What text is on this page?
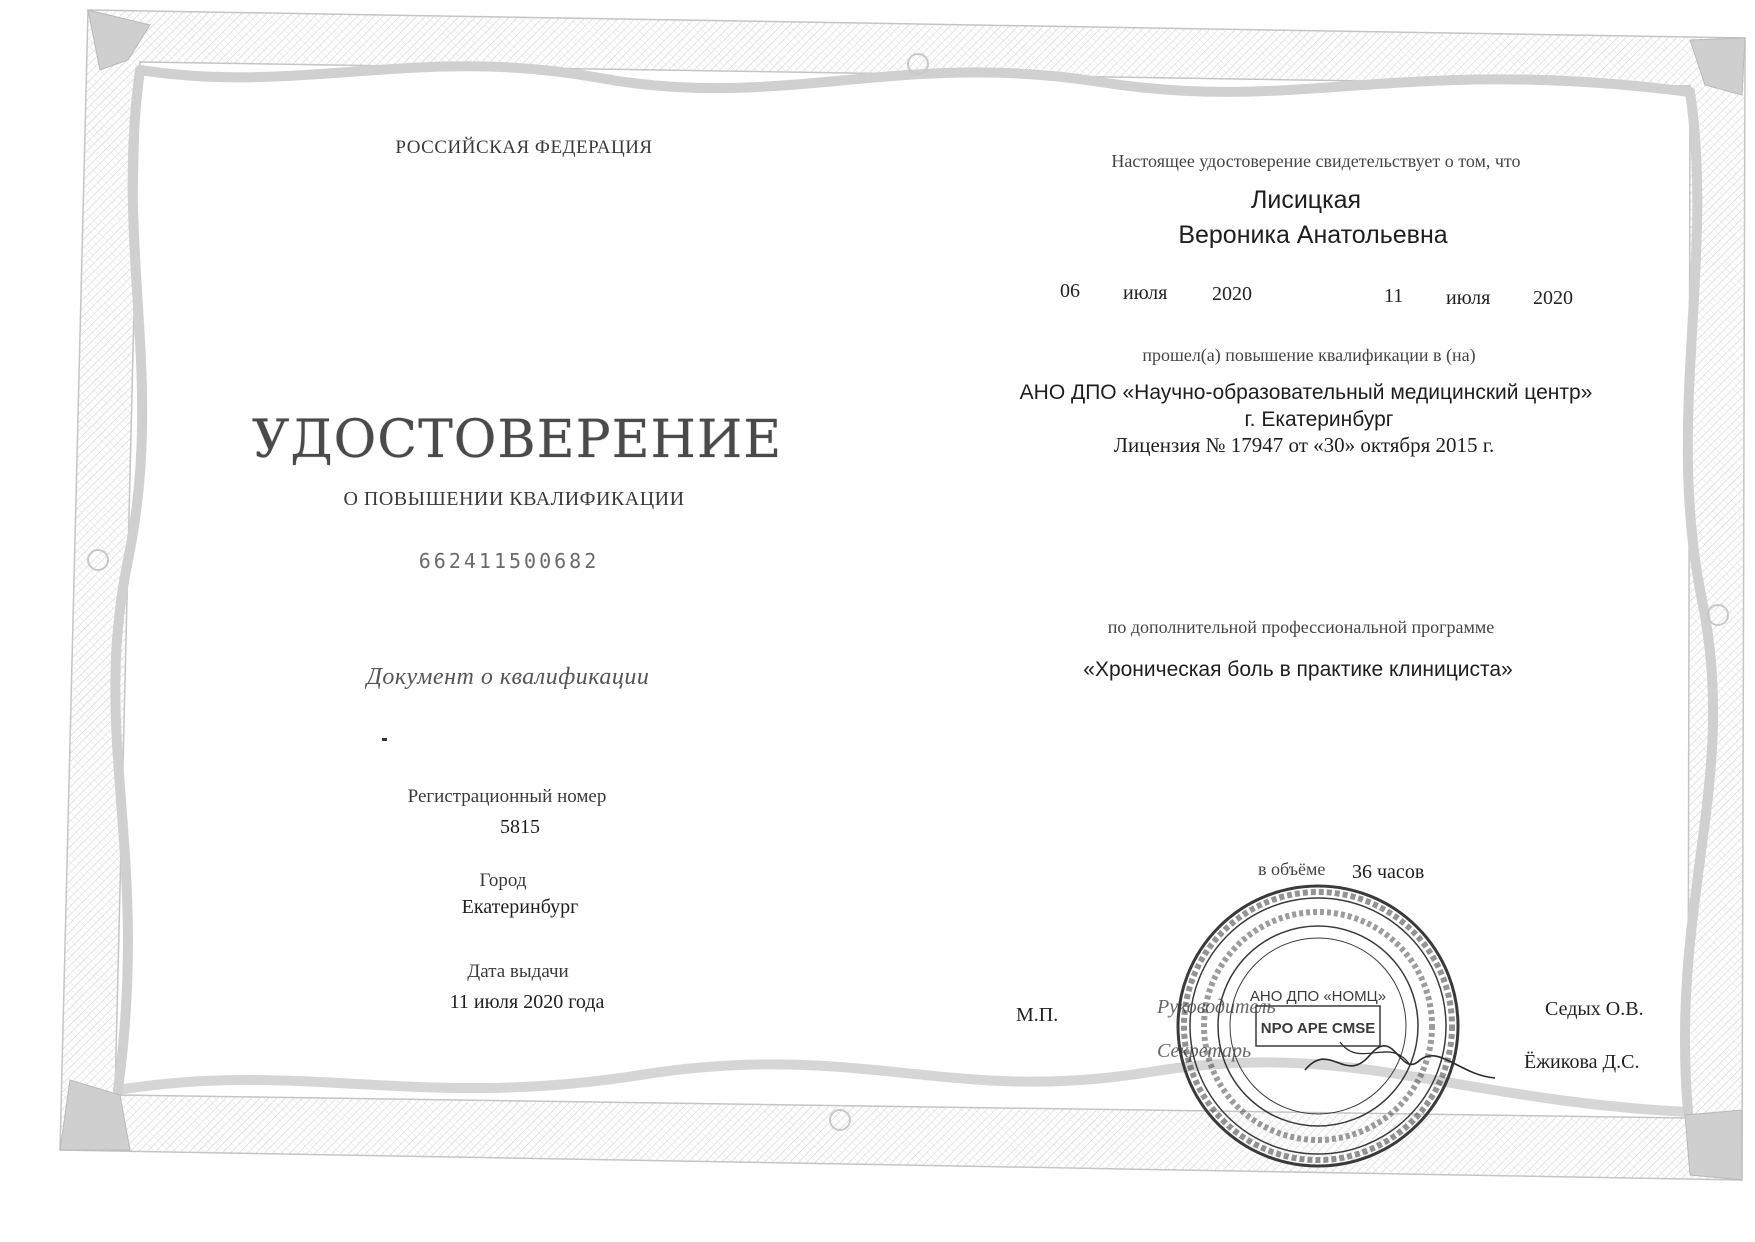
РОССИЙСКАЯ ФЕДЕРАЦИЯ
УДОСТОВЕРЕНИЕ
О ПОВЫШЕНИИ КВАЛИФИКАЦИИ
662411500682
Документ о квалификации
Регистрационный номер
5815
Город
Екатеринбург
Дата выдачи
11 июля 2020 года
Настоящее удостоверение свидетельствует о том, что
Лисицкая
Вероника Анатольевна
06 июля 2020	11 июля 2020
прошел(а) повышение квалификации в (на)
АНО ДПО «Научно-образовательный медицинский центр»
г. Екатеринбург
Лицензия № 17947 от «30» октября 2015 г.
по дополнительной профессиональной программе
«Хроническая боль в практике клинициста»
в объёме 36 часов
М.П.	Руководитель	Седых О.В.
Секретарь	Ёжикова Д.С.
АНО ДПО «НОМЦ»
NPO APE CMSE
